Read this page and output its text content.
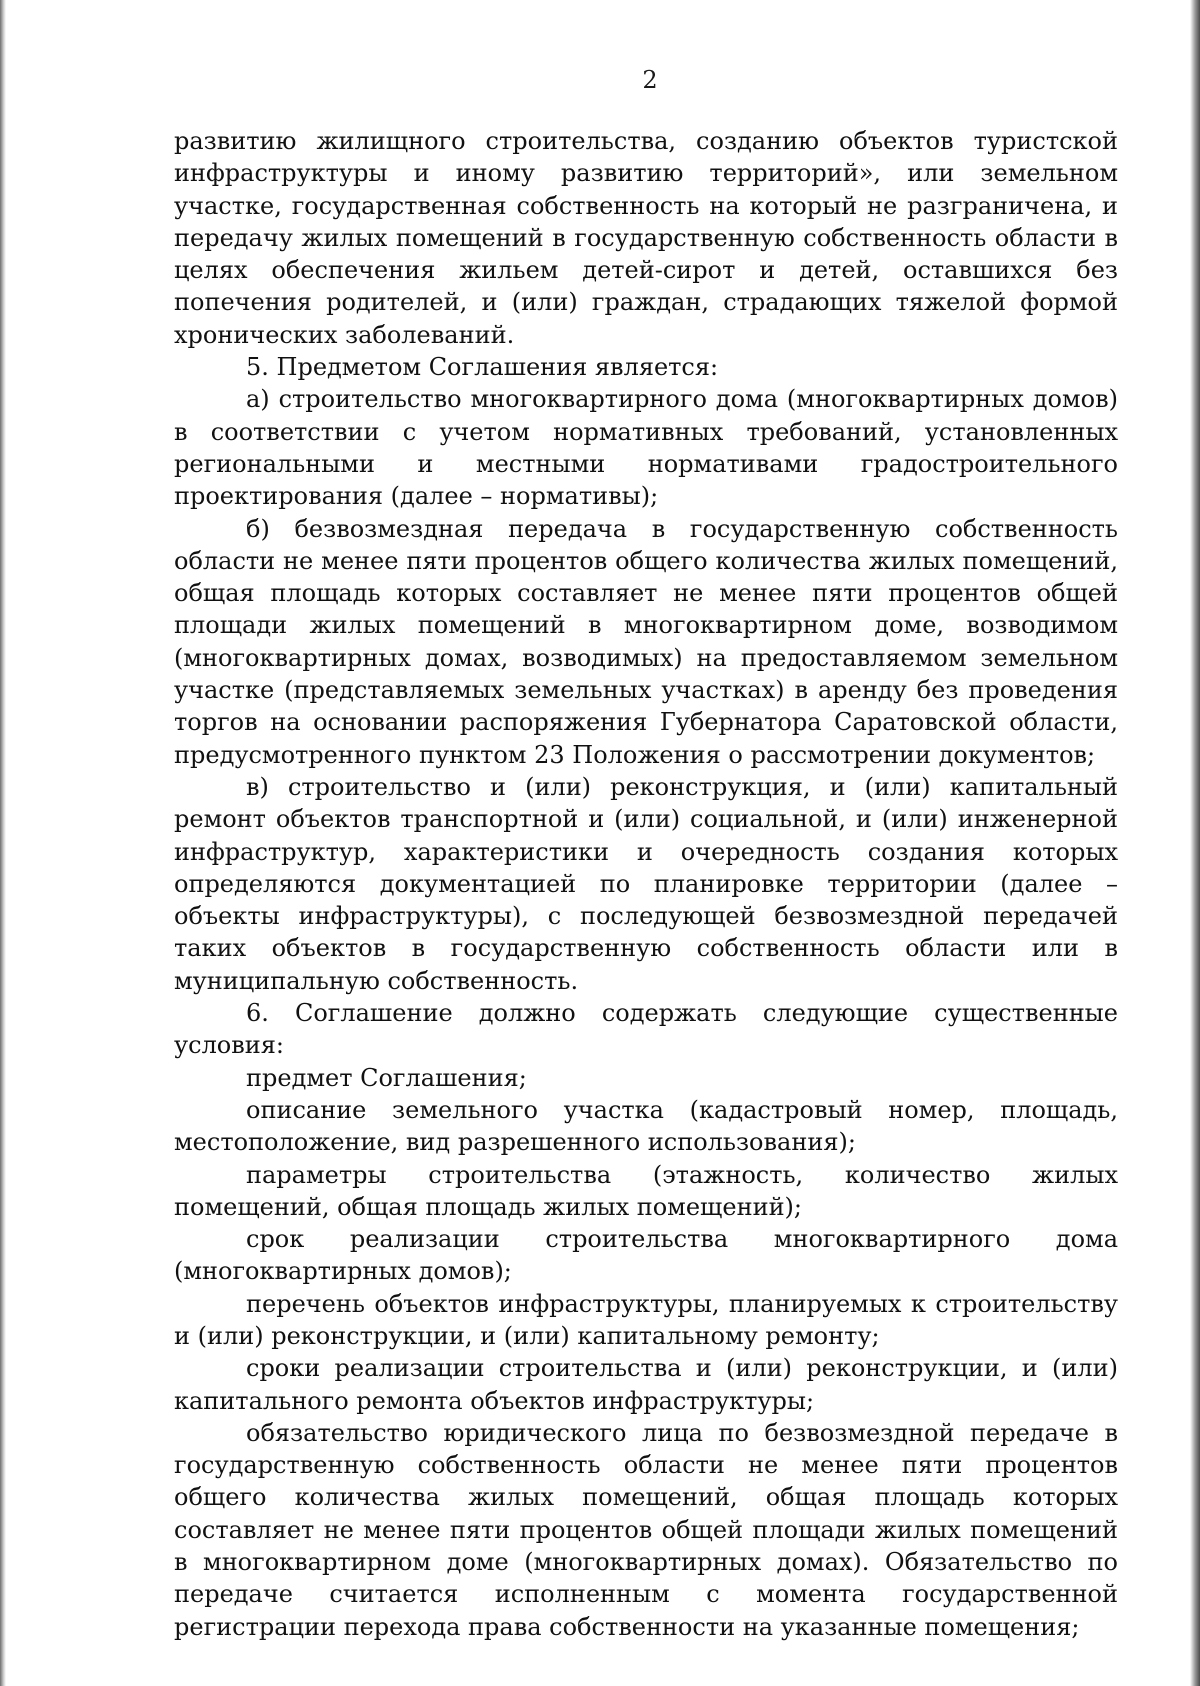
2

развитию жилищного строительства, созданию объектов туристской инфраструктуры и иному развитию территорий», или земельном участке, государственная собственность на который не разграничена, и передачу жилых помещений в государственную собственность области в целях обеспечения жильем детей-сирот и детей, оставшихся без попечения родителей, и (или) граждан, страдающих тяжелой формой хронических заболеваний.

5. Предметом Соглашения является:

а) строительство многоквартирного дома (многоквартирных домов) в соответствии с учетом нормативных требований, установленных региональными и местными нормативами градостроительного проектирования (далее – нормативы);

б) безвозмездная передача в государственную собственность области не менее пяти процентов общего количества жилых помещений, общая площадь которых составляет не менее пяти процентов общей площади жилых помещений в многоквартирном доме, возводимом (многоквартирных домах, возводимых) на предоставляемом земельном участке (представляемых земельных участках) в аренду без проведения торгов на основании распоряжения Губернатора Саратовской области, предусмотренного пунктом 23 Положения о рассмотрении документов;

в) строительство и (или) реконструкция, и (или) капитальный ремонт объектов транспортной и (или) социальной, и (или) инженерной инфраструктур, характеристики и очередность создания которых определяются документацией по планировке территории (далее – объекты инфраструктуры), с последующей безвозмездной передачей таких объектов в государственную собственность области или в муниципальную собственность.

6. Соглашение должно содержать следующие существенные условия:

предмет Соглашения;

описание земельного участка (кадастровый номер, площадь, местоположение, вид разрешенного использования);

параметры строительства (этажность, количество жилых помещений, общая площадь жилых помещений);

срок реализации строительства многоквартирного дома (многоквартирных домов);

перечень объектов инфраструктуры, планируемых к строительству и (или) реконструкции, и (или) капитальному ремонту;

сроки реализации строительства и (или) реконструкции, и (или) капитального ремонта объектов инфраструктуры;

обязательство юридического лица по безвозмездной передаче в государственную собственность области не менее пяти процентов общего количества жилых помещений, общая площадь которых составляет не менее пяти процентов общей площади жилых помещений в многоквартирном доме (многоквартирных домах). Обязательство по передаче считается исполненным с момента государственной регистрации перехода права собственности на указанные помещения;
